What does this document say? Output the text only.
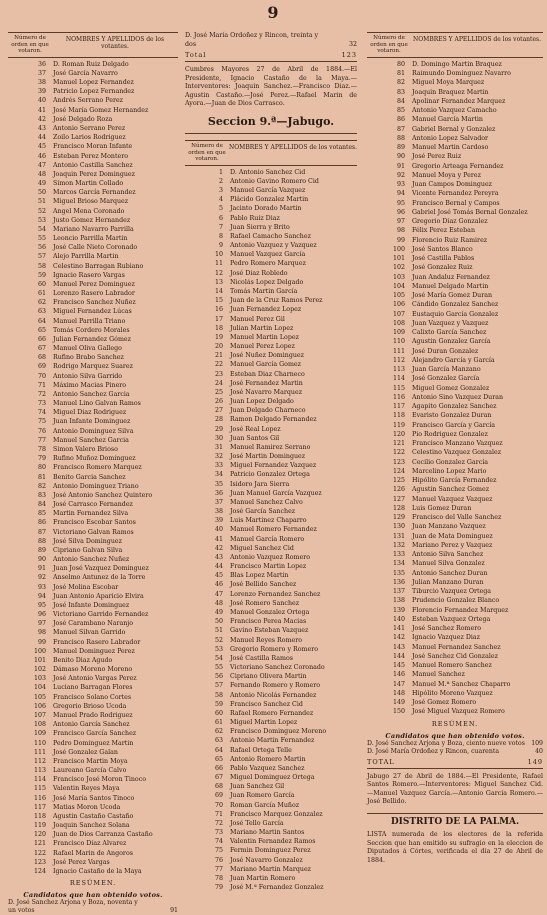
9
Número de orden en que votaron.
NOMBRES Y APELLIDOS de los votantes.
36	D. Roman Ruiz Delgado
37	José García Navarro
38	Manuel Lopez Fernandez
39	Patricio Lopez Fernandez
40	Andrés Serrano Perez
41	José María Gomez Hernandez
42	José Delgado Roza
43	Antonio Serrano Perez
44	Zoilo Larios Rodriguez
45	Francisco Moran Infante
46	Esteban Perez Montero
47	Antonio Castilla Sanchez
48	Joaquin Perez Dominguez
49	Simon Martin Collado
50	Marcos García Fernandez
51	Miguel Brioso Marquez
52	Angel Mena Coronado
53	Justo Gomez Hernandez
54	Mariano Navarro Parrilla
55	Leoncio Parrilla Martin
56	José Calle Nieto Coronado
57	Alejo Parrilla Martin
58	Celestino Barragan Rubiano
59	Ignacio Rasero Vargas
60	Manuel Perez Dominguez
61	Lorenzo Rasero Labrador
62	Francisco Sanchez Nuñez
63	Miguel Fernandez Lúcas
64	Manuel Parrilla Triano
65	Tomás Cordero Morales
66	Julian Fernandez Gómez
67	Manuel Oliva Gallego
68	Rufino Brabo Sanchez
69	Rodrigo Marquez Suarez
70	Antonio Silva Garrido
71	Máximo Macias Pinero
72	Antonio Sanchez Garcia
73	Manuel Lino Galvan Ramos
74	Miguel Diaz Rodriguez
75	Juan Infante Dominguez
76	Antonio Dominguez Silva
77	Manuel Sanchez Garcia
78	Simon Valero Brioso
79	Rufino Muñoz Dominguez
80	Francisco Romero Marquez
81	Benito Garcia Sanchez
82	Antonio Dominguez Triano
83	José Antonio Sanchez Quintero
84	José Carrasco Fernandez
85	Martin Fernandez Silva
86	Francisco Escobar Santos
87	Victoriano Galvan Ramos
88	José Silva Dominguez
89	Cipriano Galvan Silva
90	Antonio Sanchez Nuñez
91	Juan José Vazquez Dominguez
92	Anselmo Antunez de la Torre
93	José Molina Escobar
94	Juan Antonio Aparicio Elvira
95	José Infante Dominguez
96	Victoriano Garrido Fernandez
97	José Carambano Naranjo
98	Manuel Silvan Garrido
99	Francisco Rasero Labrador
100	Manuel Dominguez Perez
101	Benito Diaz Agudo
102	Dámaso Moreno Moreno
103	José Antonio Vargas Perez
104	Luciano Barragan Flores
105	Francisco Solano Cortes
106	Gregorio Brioso Ucoda
107	Manuel Prado Rodriguez
108	Antonio García Sanchez
109	Francisco García Sanchez
110	Pedro Dominguez Martin
111	José Gonzalez Galan
112	Francisco Martin Moya
113	Laureano García Calvo
114	Francisco José Moron Tinoco
115	Valentin Reyes Maya
116	José María Santos Tinoco
117	Matias Moron Ucoda
118	Agustin Castaño Castaño
119	Joaquin Sanchez Solana
120	Juan de Dios Carranza Castaño
121	Francisco Diaz Alvarez
122	Rafael Marin de Angoros
123	José Perez Vargas
124	Ignacio Castaño de la Maya
RESÚMEN.
Candidatos que han obtenido votos.
D. José Sanchez Arjona y Boza, noventa y
un votos	91
D. José María Ordoñez y Rincon, treinta y
dos	32
Total	123
Cumbres Mayores 27 de Abril de 1884.—El Presidente, Ignacio Castaño de la Maya.—Interventores: Joaquin Sanchez.—Francisco Diaz.—Agustin Castaño.—José Perez.—Rafael Marin de Ayora.—Juan de Dios Carrasco.
Seccion 9.ª—Jabugo.
Número de orden en que votaron.
NOMBRES Y APELLIDOS de los votantes.
1	D. Antonio Sanchez Cid
2	Antonio Gavino Romero Cid
3	Manuel García Vazquez
4	Plácido Gonzalez Martin
5	Jacinto Dorado Martin
6	Pablo Ruiz Diaz
7	Juan Sierra y Brito
8	Rafael Camacho Sanchez
9	Antonio Vazquez y Vazquez
10	Manuel Vazquez García
11	Pedro Romero Marquez
12	José Diaz Robledo
13	Nicolás Lopez Delgado
14	Tomás Martin García
15	Juan de la Cruz Ramos Perez
16	Juan Fernandez Lopez
17	Manuel Perez Gil
18	Julian Martin Lopez
19	Manuel Martin Lopez
20	Manuel Perez Lopez
21	José Nuñez Dominguez
22	Manuel García Gomez
23	Esteban Diaz Charneco
24	José Fernandez Martin
25	José Navarro Marquez
26	Juan Lopez Delgado
27	Juan Delgado Charneco
28	Ramon Delgado Fernandez
29	José Real Lopez
30	Juan Santos Gil
31	Manuel Ramirez Serrano
32	José Martin Dominguez
33	Miguel Fernandez Vazquez
34	Patricio Gonzalez Ortega
35	Isidoro Jara Sierra
36	Juan Manuel García Vazquez
37	Manuel Sanchez Calvo
38	José García Sanchez
39	Luis Martinez Chaparro
40	Manuel Romero Fernandez
41	Manuel García Romero
42	Miguel Sanchez Cid
43	Antonio Vazquez Romero
44	Francisco Martin Lopez
45	Blas Lopez Martin
46	José Bellido Sanchez
47	Lorenzo Fernandez Sanchez
48	José Romero Sanchez
49	Manuel Gonzalez Ortega
50	Francisco Perea Macias
51	Gavino Esteban Vazquez
52	Manuel Reyes Romero
53	Gregorio Romero y Romero
54	José Castilla Ramos
55	Victoriano Sanchez Coronado
56	Cipriano Olivera Martin
57	Fernando Romero y Romero
58	Antonio Nicolás Fernandez
59	Francisco Sanchez Cid
60	Rafael Romero Fernandez
61	Miguel Martin Lopez
62	Francisco Dominguez Moreno
63	Antonio Martin Fernandez
64	Rafael Ortega Telle
65	Antonio Romero Martin
66	Pablo Vazquez Sanchez
67	Miguel Dominguez Ortega
68	Juan Sanchez Gil
69	Juan Romero García
70	Roman García Muñoz
71	Francisco Marquez Gonzalez
72	José Tello García
73	Mariano Martin Santos
74	Valentin Fernandez Ramos
75	Fermin Dominguez Perez
76	José Navarro Gonzalez
77	Mariano Martin Marquez
78	Juan Martin Romero
79	José M.ª Fernandez Gonzalez
Número de orden en que votaron.
NOMBRES Y APELLIDOS de los votantes.
80	D. Domingo Martin Braquez
81	Raimundo Dominguez Navarro
82	Miguel Moya Marquez
83	Joaquin Braquez Martin
84	Apolinar Fernandez Marquez
85	Antonio Vazquez Camacho
86	Manuel García Martin
87	Gabriel Bernal y Gonzalez
88	Antonio Lopez Salvador
89	Manuel Martin Cardoso
90	José Perez Ruiz
91	Gregorio Arteaga Fernandez
92	Manuel Moya y Perez
93	Juan Campos Dominguez
94	Vicente Fernandez Pereyra
95	Francisco Bernal y Campos
96	Gabriel José Tomás Bernal Gonzalez
97	Gregorio Diaz Gonzalez
98	Félix Perez Esteban
99	Florencio Ruiz Ramirez
100	José Santos Blanco
101	José Castilla Pablos
102	José Gonzalez Ruiz
103	Juan Andaluz Fernandez
104	Manuel Delgado Martin
105	José María Gomez Duran
106	Cándido Gonzalez Sanchez
107	Eustaquio García Gonzalez
108	Juan Vazquez y Vazquez
109	Calixto García Sanchez
110	Agustin Gonzalez García
111	José Duran Gonzalez
112	Alejandro García y García
113	Juan García Manzano
114	José Gonzalez García
115	Miguel Gomez Gonzalez
116	Antonio Sino Vazquez Duran
117	Agapito Gonzalez Sanchez
118	Evaristo Gonzalez Duran
119	Francisco García y García
120	Pio Rodriguez Gonzalez
121	Francisco Manzano Vazquez
122	Celestino Vazquez Gonzalez
123	Cecilio Gonzalez García
124	Marcelino Lopez Mario
125	Hipólito García Fernandez
126	Agustin Sanchez Gomez
127	Manuel Vazquez Vazquez
128	Luis Gomez Duran
129	Francisco del Valle Sanchez
130	Juan Manzano Vazquez
131	Juan de Mata Dominguez
132	Mariano Perez y Vazquez
133	Antonio Silva Sanchez
134	Manuel Silva Gonzalez
135	Antonio Sanchez Duran
136	Julian Manzano Duran
137	Tiburcio Vazquez Ortega
138	Prudencio Gonzalez Blanco
139	Florencio Fernandez Marquez
140	Esteban Vazquez Ortega
141	José Sanchez Romero
142	Ignacio Vazquez Diaz
143	Manuel Fernandez Sanchez
144	José Sanchez Cid Gonzalez
145	Manuel Romero Sanchez
146	Manuel Sanchez
147	Manuel M.ª Sanchez Chaparro
148	Hipólito Moreno Vazquez
149	José Gomez Romero
150	José Miguel Vazquez Romero
RESÚMEN.
Candidatos que han obtenido votos.
D. José Sanchez Arjona y Boza, ciento nueve votos 109
D. José María Ordoñez y Rincon, cuarenta	40
TOTAL	149
Jabugo 27 de Abril de 1884.—El Presidente, Rafael Santos Romero.—Interventores: Miguel Sanchez Cid.—Manuel Vazquez García.—Antonio García Romero.—José Bellido.
DISTRITO DE LA PALMA.
LISTA numerada de los electores de la referida Seccion que han emitido su sufragio en la eleccion de Diputados á Córtes, verificada el dia 27 de Abril de 1884.
